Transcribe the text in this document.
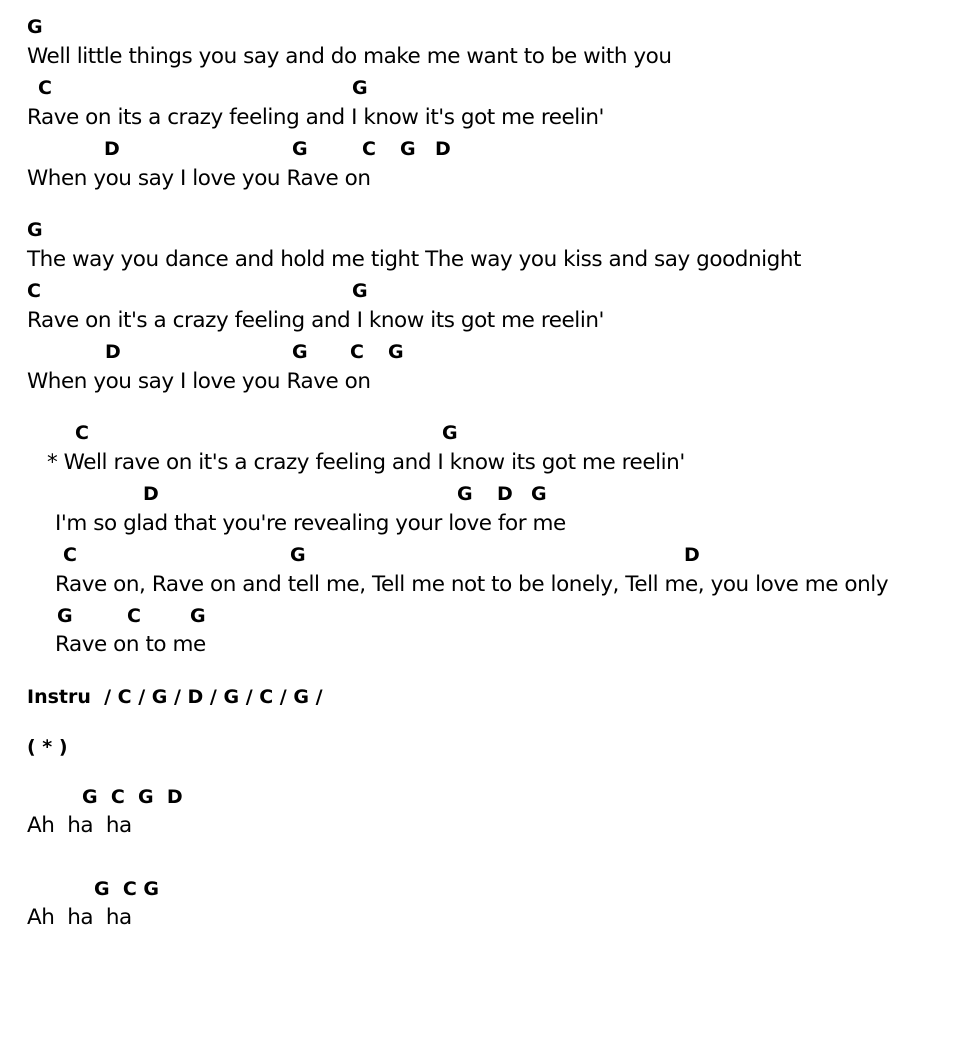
G
Well little things you say and do make me want to be with you
C	G
Rave on its a crazy feeling and I know it's got me reelin'
D	G	C G D
When you say I love you Rave on
G
The way you dance and hold me tight The way you kiss and say goodnight
C	G
Rave on it's a crazy feeling and I know its got me reelin'
D	G C G
When you say I love you Rave on
C	G
* Well rave on it's a crazy feeling and I know its got me reelin'
D	G D G
I'm so glad that you're revealing your love for me
C	G	D
Rave on, Rave on and tell me, Tell me not to be lonely, Tell me, you love me only
G	C	G
Rave on to me
Instru  / C / G / D / G / C / G /
( * )
G  C  G  D
Ah  ha  ha
G  C G
Ah  ha  ha
